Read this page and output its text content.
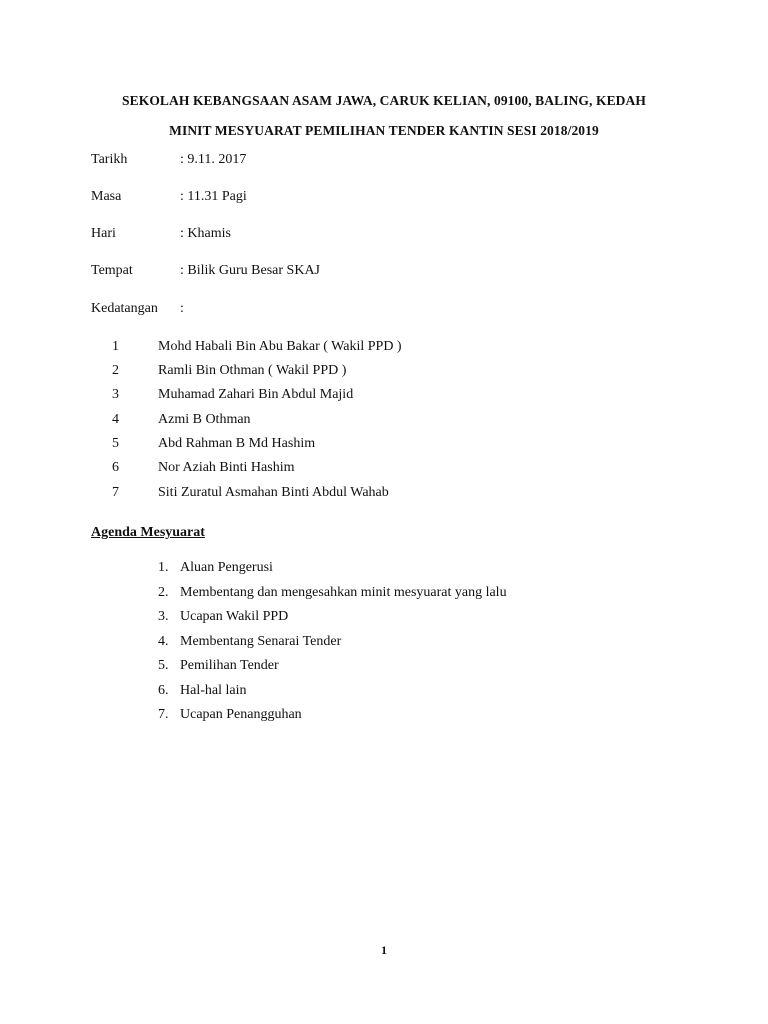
SEKOLAH KEBANGSAAN ASAM JAWA, CARUK KELIAN, 09100, BALING, KEDAH
MINIT MESYUARAT PEMILIHAN TENDER KANTIN SESI 2018/2019
Tarikh	: 9.11. 2017
Masa	: 11.31 Pagi
Hari	: Khamis
Tempat	: Bilik Guru Besar SKAJ
Kedatangan :
1	Mohd Habali Bin Abu Bakar ( Wakil PPD )
2	Ramli Bin Othman ( Wakil PPD )
3	Muhamad Zahari Bin Abdul Majid
4	Azmi B Othman
5	Abd Rahman B Md Hashim
6	Nor Aziah Binti Hashim
7	Siti Zuratul Asmahan Binti Abdul Wahab
Agenda Mesyuarat
1. Aluan Pengerusi
2. Membentang dan mengesahkan minit mesyuarat yang lalu
3. Ucapan Wakil PPD
4. Membentang Senarai Tender
5. Pemilihan Tender
6. Hal-hal lain
7. Ucapan Penangguhan
1
